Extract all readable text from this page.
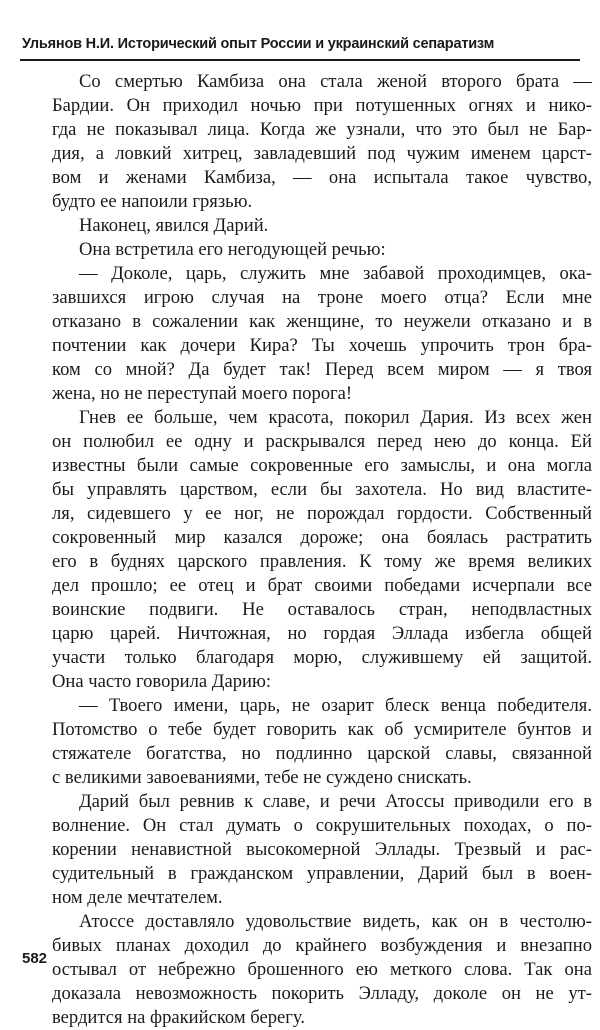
Ульянов Н.И. Исторический опыт России и украинский сепаратизм
Со смертью Камбиза она стала женой второго брата —
Бардии. Он приходил ночью при потушенных огнях и нико-
гда не показывал лица. Когда же узнали, что это был не Бар-
дия, а ловкий хитрец, завладевший под чужим именем царст-
вом и женами Камбиза, — она испытала такое чувство,
будто ее напоили грязью.
Наконец, явился Дарий.
Она встретила его негодующей речью:
— Доколе, царь, служить мне забавой проходимцев, ока-
завшихся игрою случая на троне моего отца? Если мне
отказано в сожалении как женщине, то неужели отказано и в
почтении как дочери Кира? Ты хочешь упрочить трон бра-
ком со мной? Да будет так! Перед всем миром — я твоя
жена, но не переступай моего порога!
Гнев ее больше, чем красота, покорил Дария. Из всех жен
он полюбил ее одну и раскрывался перед нею до конца. Ей
известны были самые сокровенные его замыслы, и она могла
бы управлять царством, если бы захотела. Но вид властите-
ля, сидевшего у ее ног, не порождал гордости. Собственный
сокровенный мир казался дороже; она боялась растратить
его в буднях царского правления. К тому же время великих
дел прошло; ее отец и брат своими победами исчерпали все
воинские подвиги. Не оставалось стран, неподвластных
царю царей. Ничтожная, но гордая Эллада избегла общей
участи только благодаря морю, служившему ей защитой.
Она часто говорила Дарию:
— Твоего имени, царь, не озарит блеск венца победителя.
Потомство о тебе будет говорить как об усмирителе бунтов и
стяжателе богатства, но подлинно царской славы, связанной
с великими завоеваниями, тебе не суждено снискать.
Дарий был ревнив к славе, и речи Атоссы приводили его в
волнение. Он стал думать о сокрушительных походах, о по-
корении ненавистной высокомерной Эллады. Трезвый и рас-
судительный в гражданском управлении, Дарий был в воен-
ном деле мечтателем.
Атоссе доставляло удовольствие видеть, как он в честолю-
бивых планах доходил до крайнего возбуждения и внезапно
остывал от небрежно брошенного ею меткого слова. Так она
доказала невозможность покорить Элладу, доколе он не ут-
вердится на фракийском берегу.
582
